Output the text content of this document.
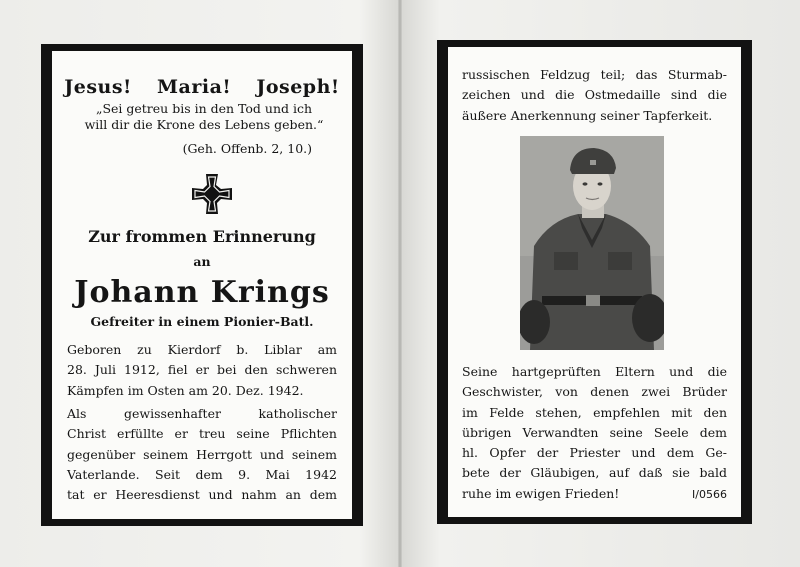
Jesus! Maria! Joseph!
„Sei getreu bis in den Tod und ich
will dir die Krone des Lebens geben.“
(Geh. Offenb. 2, 10.)
Zur frommen Erinnerung
an
Johann Krings
Gefreiter in einem Pionier-Batl.
Geboren zu Kierdorf b. Liblar am
28. Juli 1912, fiel er bei den schweren
Kämpfen im Osten am 20. Dez. 1942.
Als gewissenhafter katholischer
Christ erfüllte er treu seine Pflichten
gegenüber seinem Herrgott und seinem
Vaterlande. Seit dem 9. Mai 1942
tat er Heeresdienst und nahm an dem
russischen Feldzug teil; das Sturmab-
zeichen und die Ostmedaille sind die
äußere Anerkennung seiner Tapferkeit.
Seine hartgeprüften Eltern und die
Geschwister, von denen zwei Brüder
im Felde stehen, empfehlen mit den
übrigen Verwandten seine Seele dem
hl. Opfer der Priester und dem Ge-
bete der Gläubigen, auf daß sie bald
ruhe im ewigen Frieden!	I/0566
